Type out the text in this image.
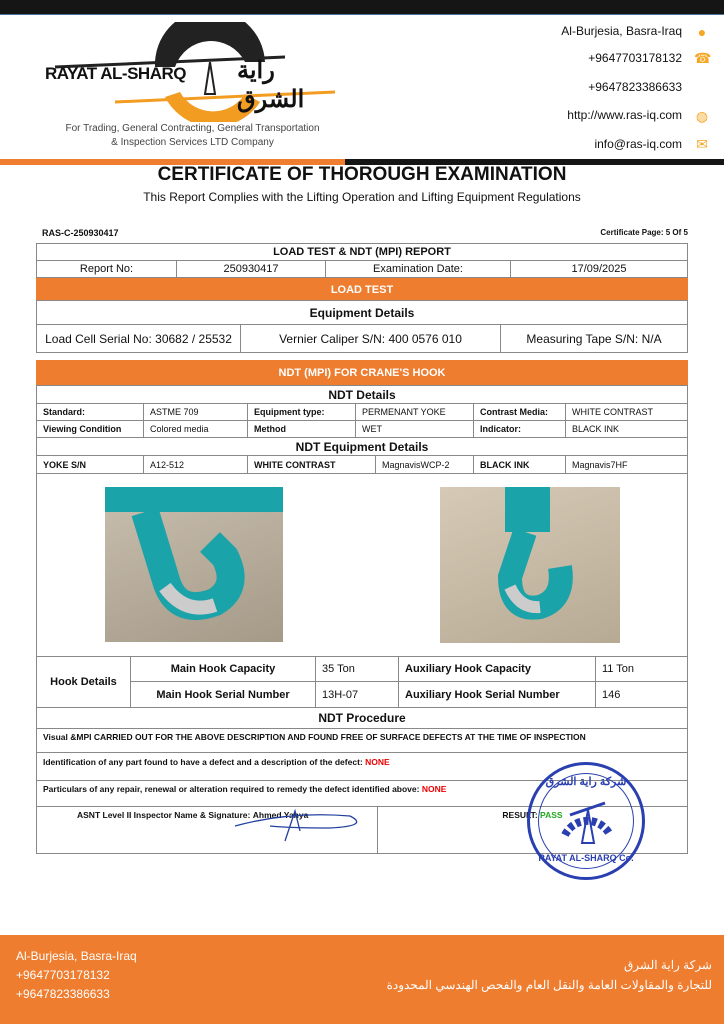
RAYAT AL-SHARQ راية الشرق
For Trading, General Contracting, General Transportation
& Inspection Services LTD Company
Al-Burjesia, Basra-Iraq ●
+9647703178132 ☎
+9647823386633
http://www.ras-iq.com ◍
info@ras-iq.com ✉
CERTIFICATE OF THOROUGH EXAMINATION
This Report Complies with the Lifting Operation and Lifting Equipment Regulations
RAS-C-250930417	Certificate Page: 5 Of 5
LOAD TEST & NDT (MPI) REPORT
Report No:	250930417	Examination Date:	17/09/2025
LOAD TEST
Equipment Details
Load Cell Serial No: 30682 / 25532	Vernier Caliper S/N: 400 0576 010	Measuring Tape S/N: N/A
NDT (MPI) FOR CRANE'S HOOK
NDT Details
Standard:	ASTME 709	Equipment type:	PERMENANT YOKE	Contrast Media:	WHITE CONTRAST
Viewing Condition	Colored media	Method	WET	Indicator:	BLACK INK
NDT Equipment Details
YOKE S/N	A12-512	WHITE CONTRAST	MagnavisWCP-2	BLACK INK	Magnavis7HF
Hook Details
Main Hook Capacity	35 Ton	Auxiliary Hook Capacity	11 Ton
Main Hook Serial Number	13H-07	Auxiliary Hook Serial Number	146
NDT Procedure
Visual &MPI CARRIED OUT FOR THE ABOVE DESCRIPTION AND FOUND FREE OF SURFACE DEFECTS AT THE TIME OF INSPECTION
Identification of any part found to have a defect and a description of the defect:
NONE
Particulars of any repair, renewal or alteration required to remedy the defect identified above:
NONE
ASNT Level II Inspector Name & Signature:
Ahmed Yahya	RESULT:
PASS
شركة راية الشرق
RAYAT AL-SHARQ Co.
Al-Burjesia, Basra-Iraq
+9647703178132
+9647823386633
شركة راية الشرق
للتجارة والمقاولات العامة والنقل العام والفحص الهندسي المحدودة
